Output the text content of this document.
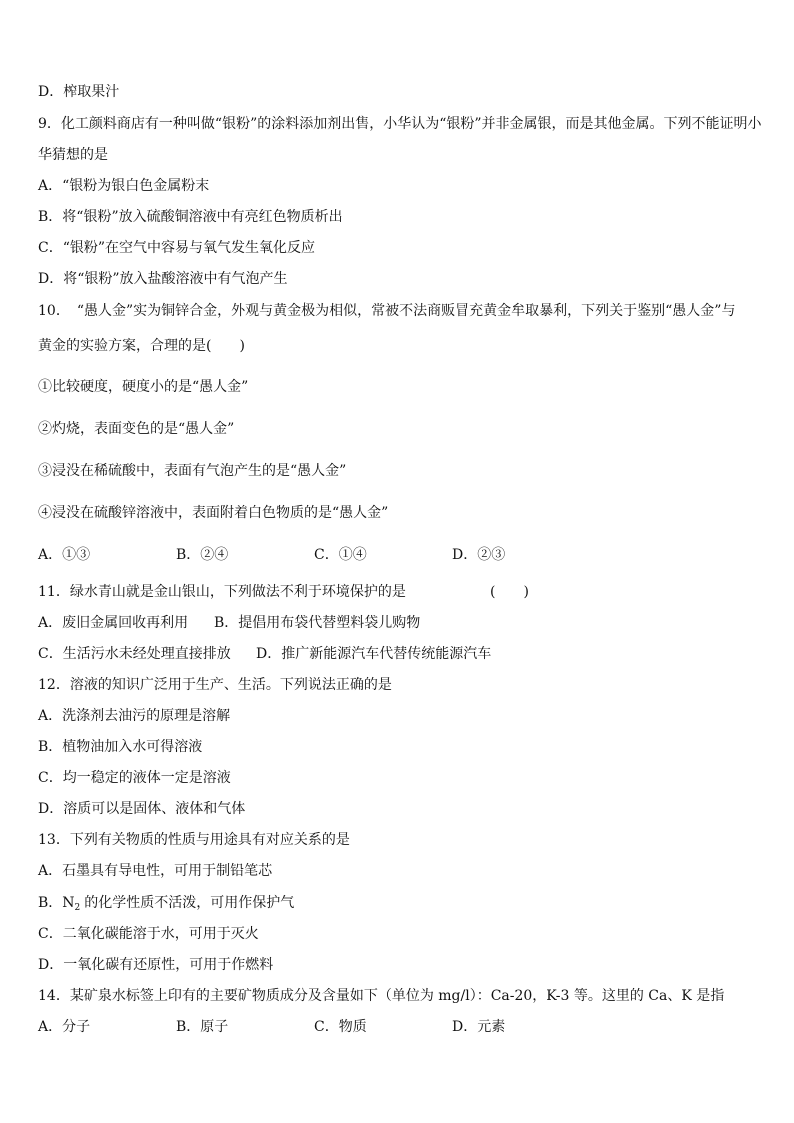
D．榨取果汁
9．化工颜料商店有一种叫做“银粉”的涂料添加剂出售，小华认为“银粉”并非金属银，而是其他金属。下列不能证明小
华猜想的是
A．“银粉为银白色金属粉末
B．将“银粉”放入硫酸铜溶液中有亮红色物质析出
C．“银粉”在空气中容易与氧气发生氧化反应
D．将“银粉”放入盐酸溶液中有气泡产生
10．　“愚人金”实为铜锌合金，外观与黄金极为相似，常被不法商贩冒充黄金牟取暴利，下列关于鉴别“愚人金”与
黄金的实验方案，合理的是(　　)
①比较硬度，硬度小的是“愚人金”
②灼烧，表面变色的是“愚人金”
③浸没在稀硫酸中，表面有气泡产生的是“愚人金”
④浸没在硫酸锌溶液中，表面附着白色物质的是“愚人金”
A．①③	B．②④	C．①④	D．②③
11．绿水青山就是金山银山，下列做法不利于环境保护的是	(　　)
A．废旧金属回收再利用 B．提倡用布袋代替塑料袋儿购物
C．生活污水未经处理直接排放 D．推广新能源汽车代替传统能源汽车
12．溶液的知识广泛用于生产、生活。下列说法正确的是
A．洗涤剂去油污的原理是溶解
B．植物油加入水可得溶液
C．均一稳定的液体一定是溶液
D．溶质可以是固体、液体和气体
13．下列有关物质的性质与用途具有对应关系的是
A．石墨具有导电性，可用于制铅笔芯
B．$N_2$ 的化学性质不活泼，可用作保护气
C．二氧化碳能溶于水，可用于灭火
D．一氧化碳有还原性，可用于作燃料
14．某矿泉水标签上印有的主要矿物质成分及含量如下（单位为 mg/l）：Ca-20，K-3 等。这里的 Ca、K 是指
A．分子	B．原子	C．物质	D．元素
